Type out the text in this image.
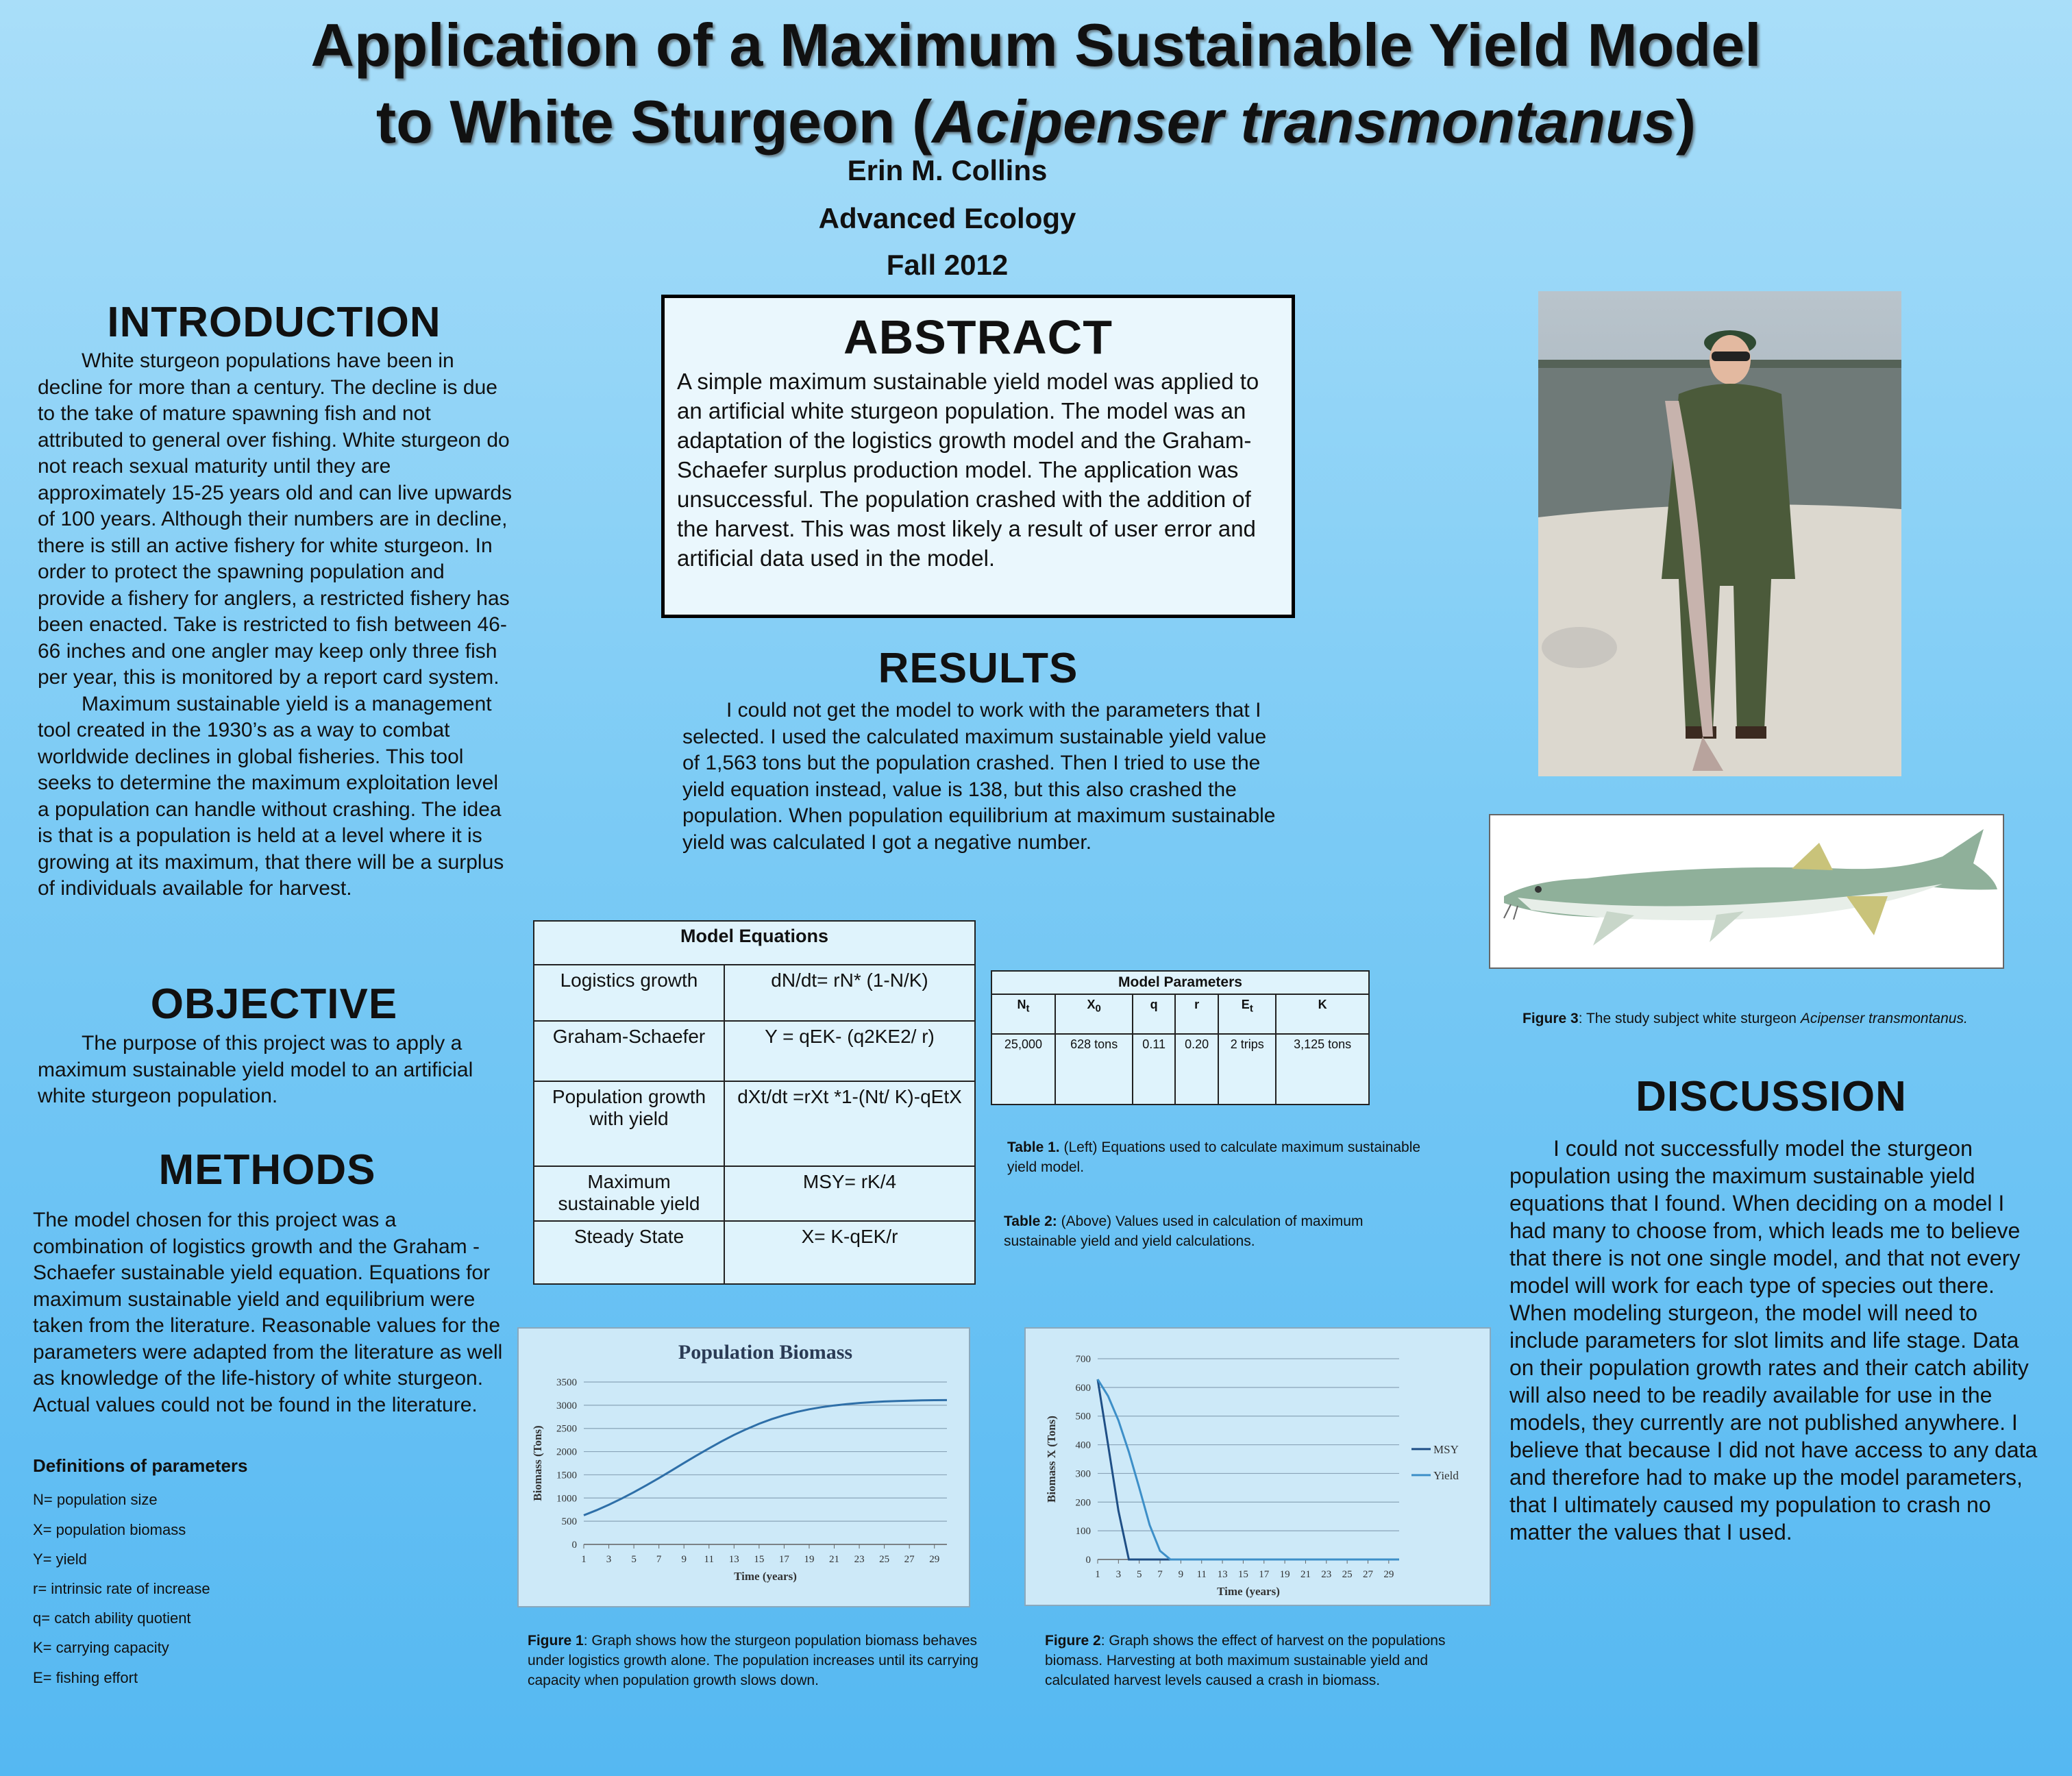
Application of a Maximum Sustainable Yield Model
to White Sturgeon (Acipenser transmontanus)
Erin M. Collins
Advanced Ecology
Fall 2012
INTRODUCTION

White sturgeon populations have been in decline for more than a century. The decline is due to the take of mature spawning fish and not attributed to general over fishing. White sturgeon do not reach sexual maturity until they are approximately 15-25 years old and can live upwards of 100 years. Although their numbers are in decline, there is still an active fishery for white sturgeon. In order to protect the spawning population and provide a fishery for anglers, a restricted fishery has been enacted. Take is restricted to fish between 46-66 inches and one angler may keep only three fish per year, this is monitored by a report card system.

Maximum sustainable yield is a management tool created in the 1930’s as a way to combat worldwide declines in global fisheries. This tool seeks to determine the maximum exploitation level a population can handle without crashing. The idea is that is a population is held at a level where it is growing at its maximum, that there will be a surplus of individuals available for harvest.

OBJECTIVE
The purpose of this project was to apply a maximum sustainable yield model to an artificial white sturgeon population.
METHODS
The model chosen for this project was a combination of logistics growth and the Graham -Schaefer sustainable yield equation. Equations for maximum sustainable yield and equilibrium were taken from the literature. Reasonable values for the parameters were adapted from the literature as well as knowledge of the life-history of white sturgeon. Actual values could not be found in the literature.
Definitions of parameters
N= population size
X= population biomass
Y= yield
r= intrinsic rate of increase
q= catch ability quotient
K= carrying capacity
E= fishing effort
ABSTRACT
A simple maximum sustainable yield model was applied to an artificial white sturgeon population. The model was an adaptation of the logistics growth model and the Graham-Schaefer surplus production model. The application was unsuccessful. The population crashed with the addition of the harvest. This was most likely a result of user error and artificial data used in the model.
RESULTS
I could not get the model to work with the parameters that I selected. I used the calculated maximum sustainable yield value of 1,563 tons but the population crashed. Then I tried to use the yield equation instead, value is 138, but this also crashed the population. When population equilibrium at maximum sustainable yield was calculated I got a negative number.
Model Equations	
Logistics growth	dN/dt= rN* (1-N/K)
Graham-Schaefer	Y = qEK- (q2KE2/ r)
Population growth with yield	dXt/dt =rXt *1-(Nt/ K)-qEtX
Maximum sustainable yield	MSY= rK/4
Steady State	X= K-qEK/r
Model Parameters					
$N_t$	$X_0$	q	r	$E_t$	K
25,000	628 tons	0.11	0.20	2 trips	3,125 tons
Table 1. (Left) Equations used to calculate maximum sustainable yield model.
Table 2: (Above) Values used in calculation of maximum sustainable yield and yield calculations.
Population Biomass
0
500
1000
1500
2000
2500
3000
3500
1 3 5 7 9 11 13 15 17 19 21 23 25 27 29
Time (years)
Biomass (Tons)
0
100
200
300
400
500
600
700
1 3 5 7 9 11 13 15 17 19 21 23 25 27 29
Time (years)
Biomass X (Tons)	MSY
Yield
Figure 1: Graph shows how the sturgeon population biomass behaves under logistics growth alone. The population increases until its carrying capacity when population growth slows down.
Figure 2: Graph shows the effect of harvest on the populations biomass. Harvesting at both maximum sustainable yield and calculated harvest levels caused a crash in biomass.
Figure 3: The study subject white sturgeon Acipenser transmontanus.
DISCUSSION
I could not successfully model the sturgeon population using the maximum sustainable yield equations that I found. When deciding on a model I had many to choose from, which leads me to believe that there is not one single model, and that not every model will work for each type of species out there. When modeling sturgeon, the model will need to include parameters for slot limits and life stage. Data on their population growth rates and their catch ability will also need to be readily available for use in the models, they currently are not published anywhere. I believe that because I did not have access to any data and therefore had to make up the model parameters, that I ultimately caused my population to crash no matter the values that I used.
